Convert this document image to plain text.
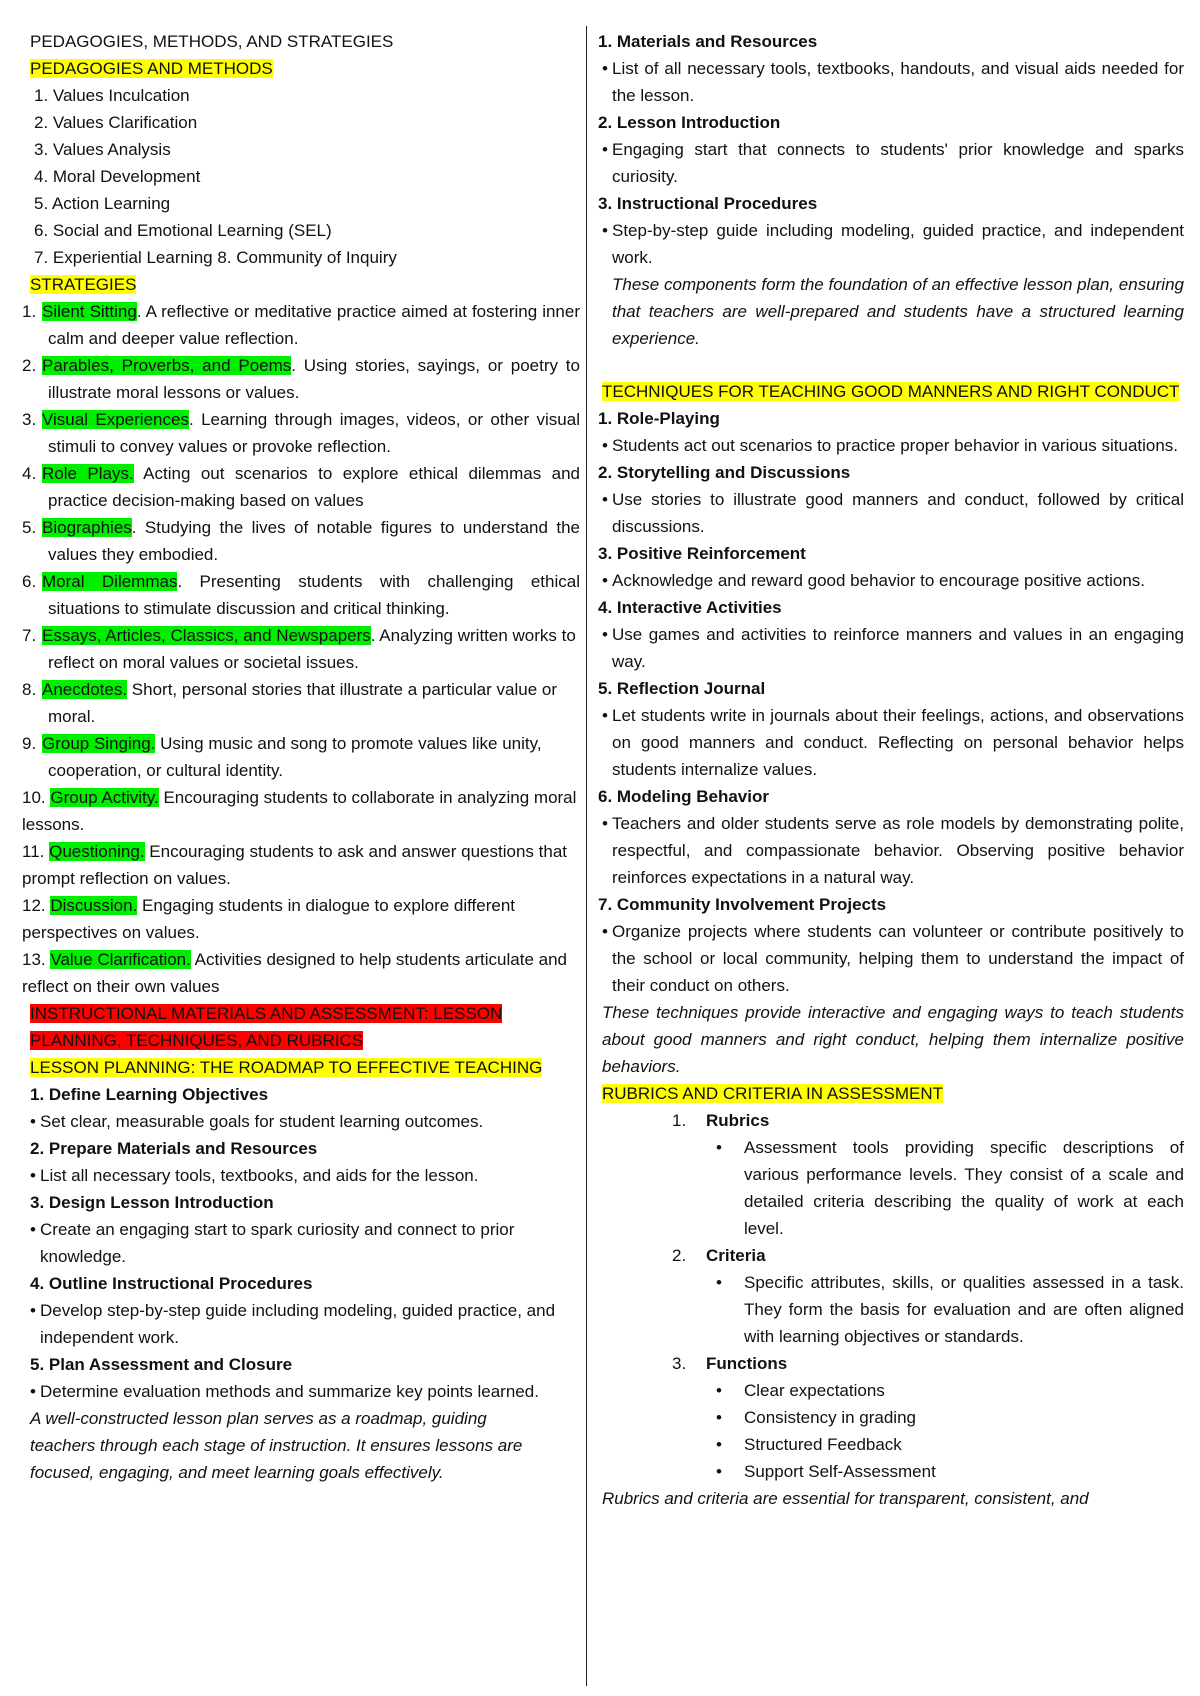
PEDAGOGIES, METHODS, AND STRATEGIES

PEDAGOGIES AND METHODS

1. Values Inculcation

2. Values Clarification

3. Values Analysis

4. Moral Development

5. Action Learning

6. Social and Emotional Learning (SEL)

7. Experiential Learning 8. Community of Inquiry

STRATEGIES

1. Silent Sitting. A reflective or meditative practice aimed at fostering inner calm and deeper value reflection.

2. Parables, Proverbs, and Poems. Using stories, sayings, or poetry to illustrate moral lessons or values.

3. Visual Experiences. Learning through images, videos, or other visual stimuli to convey values or provoke reflection.

4. Role Plays. Acting out scenarios to explore ethical dilemmas and practice decision-making based on values

5. Biographies. Studying the lives of notable figures to understand the values they embodied.

6. Moral Dilemmas. Presenting students with challenging ethical situations to stimulate discussion and critical thinking.

7. Essays, Articles, Classics, and Newspapers. Analyzing written works to reflect on moral values or societal issues.

8. Anecdotes. Short, personal stories that illustrate a particular value or moral.

9. Group Singing. Using music and song to promote values like unity, cooperation, or cultural identity.

10. Group Activity. Encouraging students to collaborate in analyzing moral lessons.

11. Questioning. Encouraging students to ask and answer questions that prompt reflection on values.

12. Discussion. Engaging students in dialogue to explore different perspectives on values.

13. Value Clarification. Activities designed to help students articulate and reflect on their own values

INSTRUCTIONAL MATERIALS AND ASSESSMENT: LESSON PLANNING, TECHNIQUES, AND RUBRICS

LESSON PLANNING: THE ROADMAP TO EFFECTIVE TEACHING

1. Define Learning Objectives

• Set clear, measurable goals for student learning outcomes.

2. Prepare Materials and Resources

• List all necessary tools, textbooks, and aids for the lesson.

3. Design Lesson Introduction

• Create an engaging start to spark curiosity and connect to prior knowledge.

4. Outline Instructional Procedures

• Develop step-by-step guide including modeling, guided practice, and independent work.

5. Plan Assessment and Closure

• Determine evaluation methods and summarize key points learned.

A well-constructed lesson plan serves as a roadmap, guiding teachers through each stage of instruction. It ensures lessons are focused, engaging, and meet learning goals effectively.

1. Materials and Resources

• List of all necessary tools, textbooks, handouts, and visual aids needed for the lesson.

2. Lesson Introduction

• Engaging start that connects to students' prior knowledge and sparks curiosity.

3. Instructional Procedures

• Step-by-step guide including modeling, guided practice, and independent work.

These components form the foundation of an effective lesson plan, ensuring that teachers are well-prepared and students have a structured learning experience.

TECHNIQUES FOR TEACHING GOOD MANNERS AND RIGHT CONDUCT

1. Role-Playing

• Students act out scenarios to practice proper behavior in various situations.

2. Storytelling and Discussions

• Use stories to illustrate good manners and conduct, followed by critical discussions.

3. Positive Reinforcement

• Acknowledge and reward good behavior to encourage positive actions.

4. Interactive Activities

• Use games and activities to reinforce manners and values in an engaging way.

5. Reflection Journal

• Let students write in journals about their feelings, actions, and observations on good manners and conduct. Reflecting on personal behavior helps students internalize values.

6. Modeling Behavior

• Teachers and older students serve as role models by demonstrating polite, respectful, and compassionate behavior. Observing positive behavior reinforces expectations in a natural way.

7. Community Involvement Projects

• Organize projects where students can volunteer or contribute positively to the school or local community, helping them to understand the impact of their conduct on others.

These techniques provide interactive and engaging ways to teach students about good manners and right conduct, helping them internalize positive behaviors.

RUBRICS AND CRITERIA IN ASSESSMENT

1. Rubrics

• Assessment tools providing specific descriptions of various performance levels. They consist of a scale and detailed criteria describing the quality of work at each level.

2. Criteria

• Specific attributes, skills, or qualities assessed in a task. They form the basis for evaluation and are often aligned with learning objectives or standards.

3. Functions

• Clear expectations

• Consistency in grading

• Structured Feedback

• Support Self-Assessment

Rubrics and criteria are essential for transparent, consistent, and
